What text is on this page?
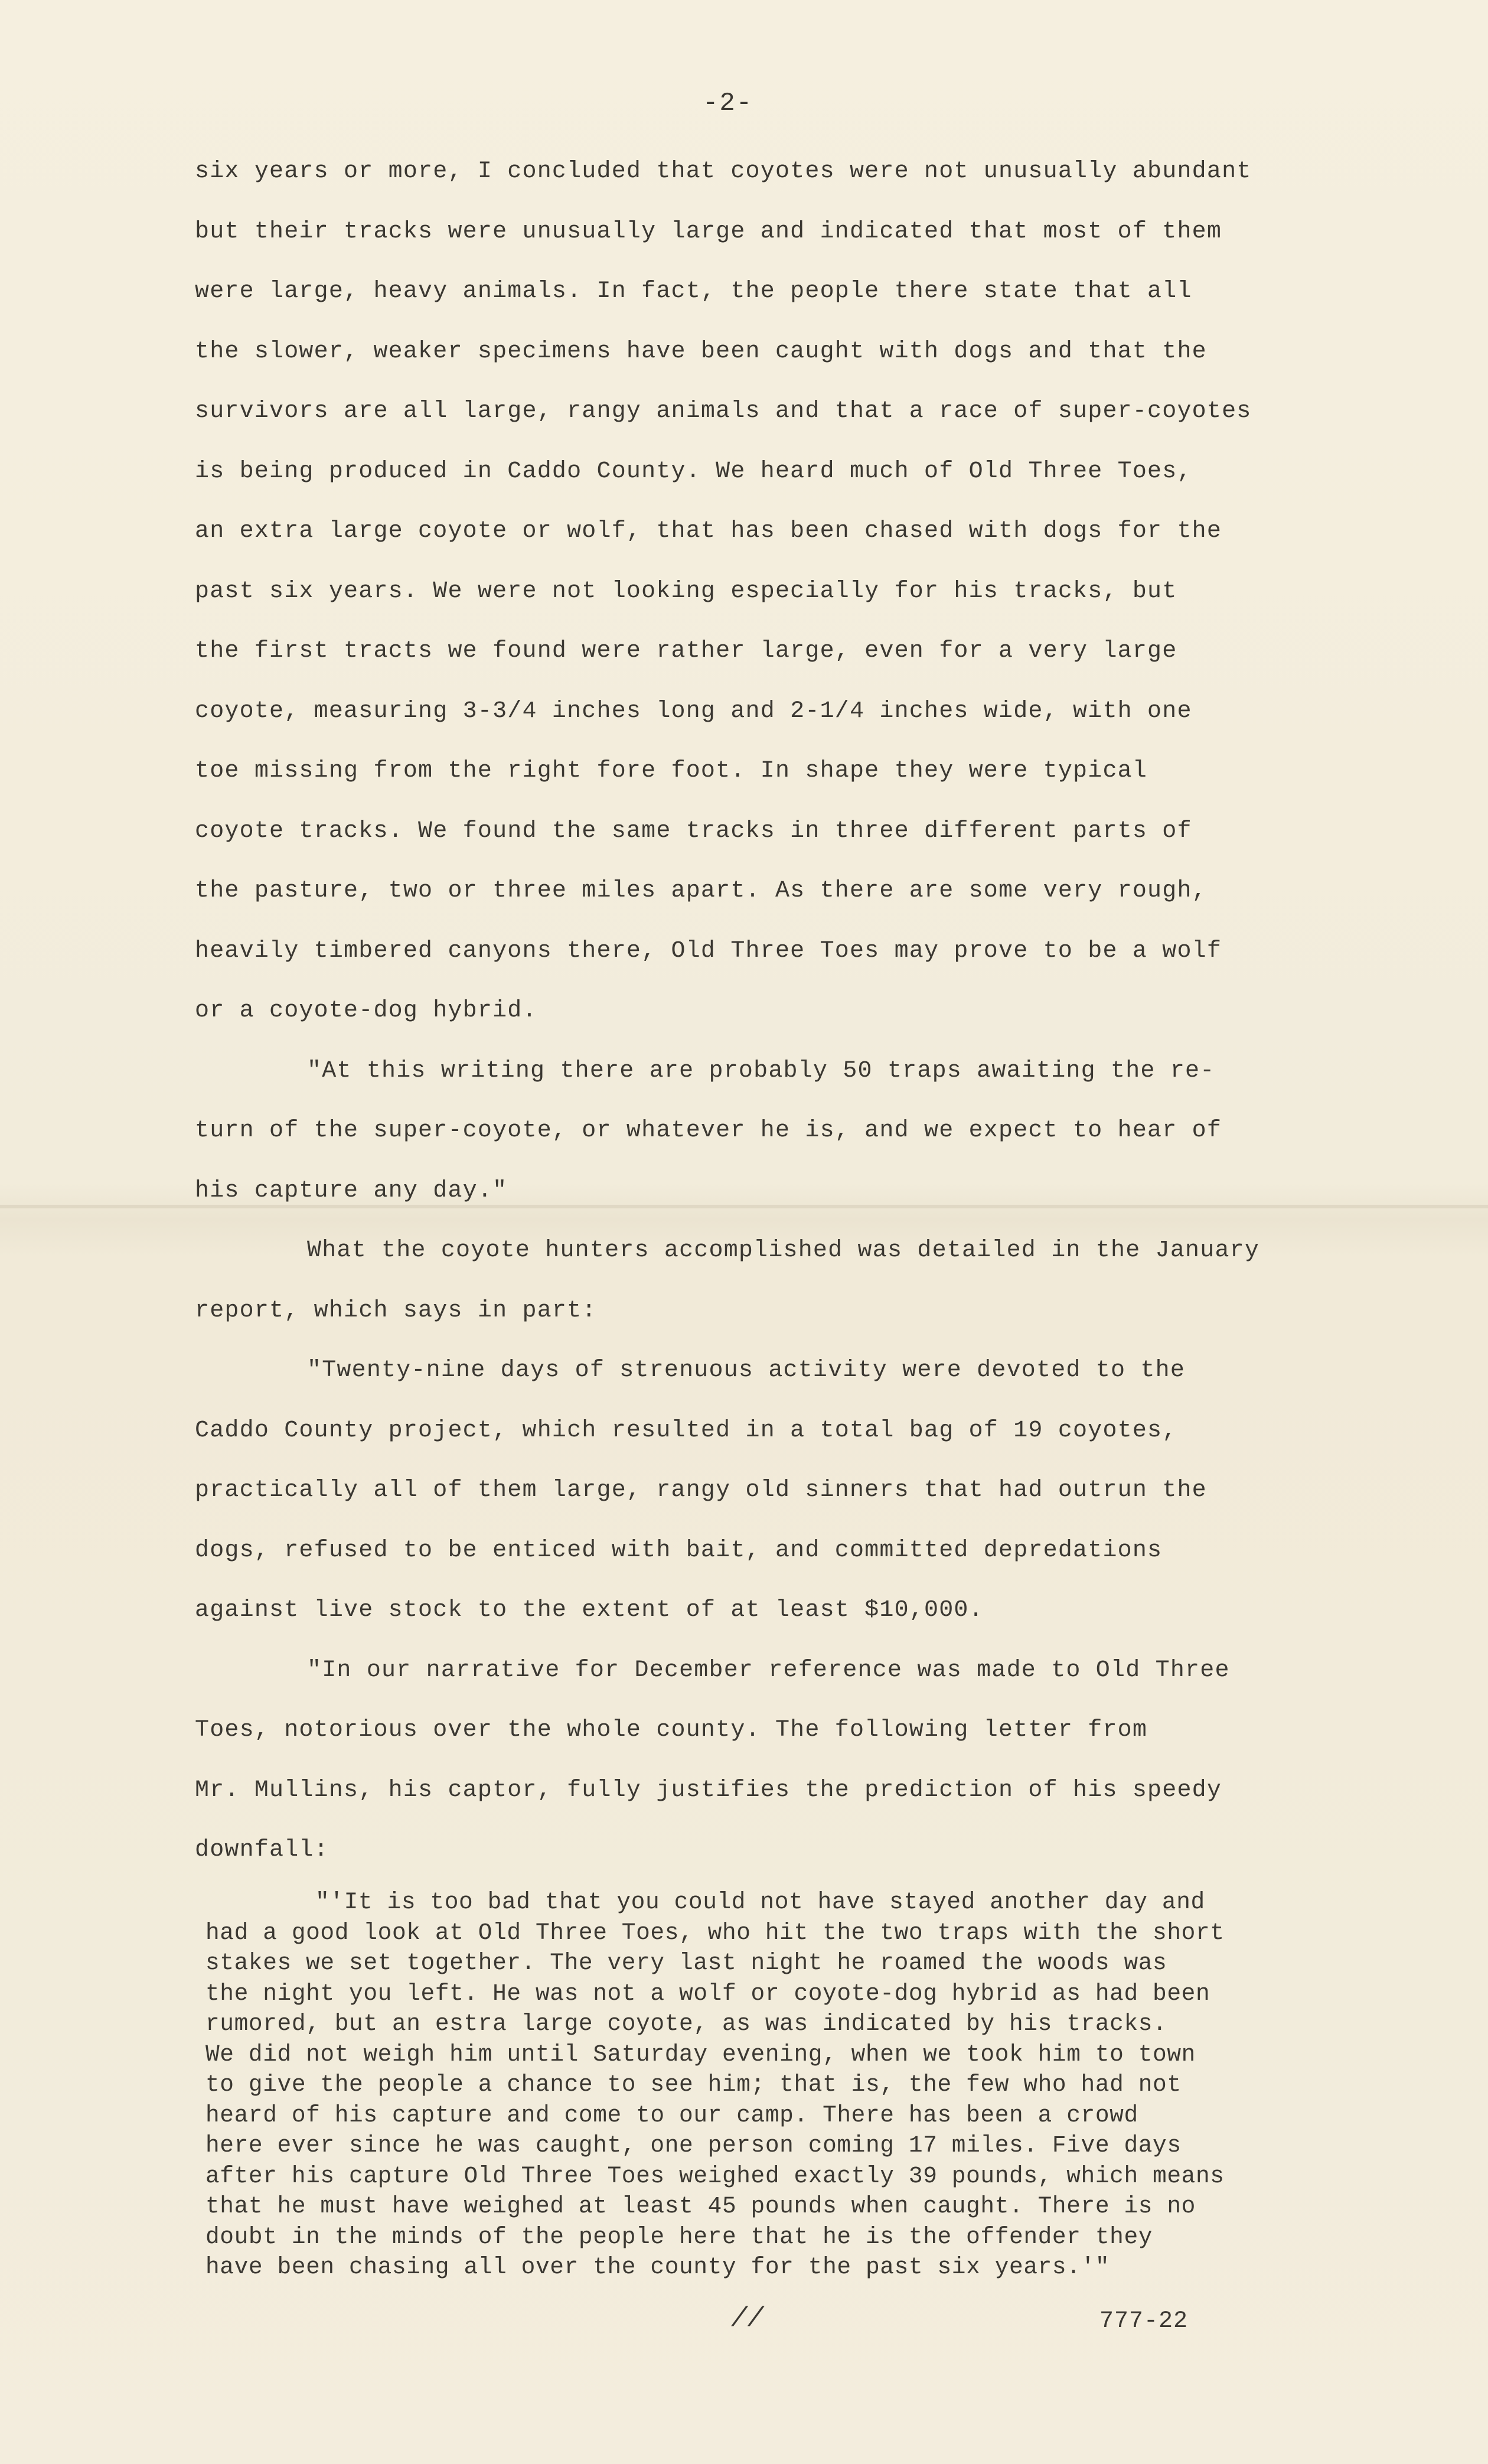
-2-
six years or more, I concluded that coyotes were not unusually abundant
but their tracks were unusually large and indicated that most of them
were large, heavy animals. In fact, the people there state that all
the slower, weaker specimens have been caught with dogs and that the
survivors are all large, rangy animals and that a race of super-coyotes
is being produced in Caddo County. We heard much of Old Three Toes,
an extra large coyote or wolf, that has been chased with dogs for the
past six years. We were not looking especially for his tracks, but
the first tracts we found were rather large, even for a very large
coyote, measuring 3-3/4 inches long and 2-1/4 inches wide, with one
toe missing from the right fore foot. In shape they were typical
coyote tracks. We found the same tracks in three different parts of
the pasture, two or three miles apart. As there are some very rough,
heavily timbered canyons there, Old Three Toes may prove to be a wolf
or a coyote-dog hybrid.
"At this writing there are probably 50 traps awaiting the re-
turn of the super-coyote, or whatever he is, and we expect to hear of
his capture any day."
What the coyote hunters accomplished was detailed in the January
report, which says in part:
"Twenty-nine days of strenuous activity were devoted to the
Caddo County project, which resulted in a total bag of 19 coyotes,
practically all of them large, rangy old sinners that had outrun the
dogs, refused to be enticed with bait, and committed depredations
against live stock to the extent of at least $10,000.
"In our narrative for December reference was made to Old Three
Toes, notorious over the whole county. The following letter from
Mr. Mullins, his captor, fully justifies the prediction of his speedy
downfall:
"'It is too bad that you could not have stayed another day and
had a good look at Old Three Toes, who hit the two traps with the short
stakes we set together. The very last night he roamed the woods was
the night you left. He was not a wolf or coyote-dog hybrid as had been
rumored, but an estra large coyote, as was indicated by his tracks.
We did not weigh him until Saturday evening, when we took him to town
to give the people a chance to see him; that is, the few who had not
heard of his capture and come to our camp. There has been a crowd
here ever since he was caught, one person coming 17 miles. Five days
after his capture Old Three Toes weighed exactly 39 pounds, which means
that he must have weighed at least 45 pounds when caught. There is no
doubt in the minds of the people here that he is the offender they
have been chasing all over the county for the past six years.'"
//	777-22
